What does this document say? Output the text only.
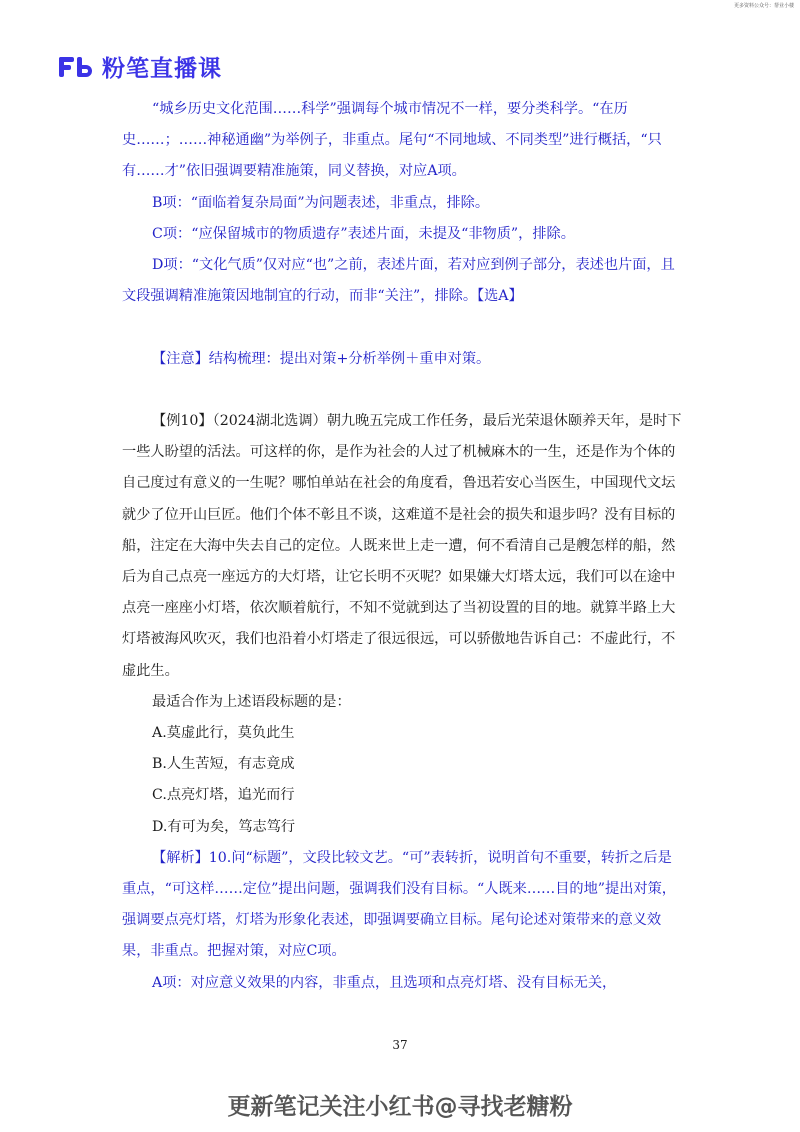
更多资料公众号：帮业小楼
粉笔直播课

“城乡历史文化范围……科学”强调每个城市情况不一样，要分类科学。“在历史……；……神秘通幽”为举例子，非重点。尾句“不同地域、不同类型”进行概括，“只有……才”依旧强调要精准施策，同义替换，对应A项。

B项：“面临着复杂局面”为问题表述，非重点，排除。

C项：“应保留城市的物质遗存”表述片面，未提及“非物质”，排除。

D项：“文化气质”仅对应“也”之前，表述片面，若对应到例子部分，表述也片面，且文段强调精准施策因地制宜的行动，而非“关注”，排除。【选A】

【注意】结构梳理：提出对策+分析举例＋重申对策。

【例10】（2024湖北选调）朝九晚五完成工作任务，最后光荣退休颐养天年，是时下一些人盼望的活法。可这样的你，是作为社会的人过了机械麻木的一生，还是作为个体的自己度过有意义的一生呢？哪怕单站在社会的角度看，鲁迅若安心当医生，中国现代文坛就少了位开山巨匠。他们个体不彰且不谈，这难道不是社会的损失和退步吗？没有目标的船，注定在大海中失去自己的定位。人既来世上走一遭，何不看清自己是艘怎样的船，然后为自己点亮一座远方的大灯塔，让它长明不灭呢？如果嫌大灯塔太远，我们可以在途中点亮一座座小灯塔，依次顺着航行，不知不觉就到达了当初设置的目的地。就算半路上大灯塔被海风吹灭，我们也沿着小灯塔走了很远很远，可以骄傲地告诉自己：不虚此行，不虚此生。

最适合作为上述语段标题的是：

A.莫虚此行，莫负此生

B.人生苦短，有志竟成

C.点亮灯塔，追光而行

D.有可为矣，笃志笃行

【解析】10.问“标题”，文段比较文艺。“可”表转折，说明首句不重要，转折之后是重点，“可这样……定位”提出问题，强调我们没有目标。“人既来……目的地”提出对策，强调要点亮灯塔，灯塔为形象化表述，即强调要确立目标。尾句论述对策带来的意义效果，非重点。把握对策，对应C项。

A项：对应意义效果的内容，非重点，且选项和点亮灯塔、没有目标无关，

37
更新笔记关注小红书@寻找老糖粉
